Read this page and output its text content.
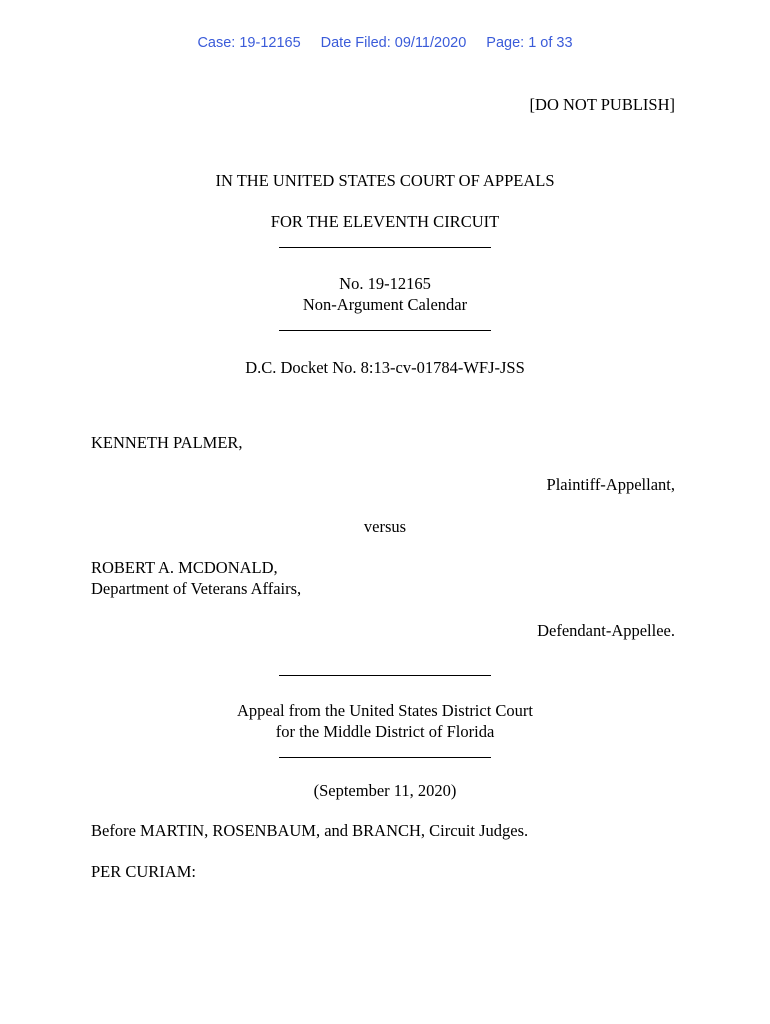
Case: 19-12165 Date Filed: 09/11/2020 Page: 1 of 33
[DO NOT PUBLISH]
IN THE UNITED STATES COURT OF APPEALS
FOR THE ELEVENTH CIRCUIT
No. 19-12165
Non-Argument Calendar
D.C. Docket No. 8:13-cv-01784-WFJ-JSS
KENNETH PALMER,
Plaintiff-Appellant,
versus
ROBERT A. MCDONALD,
Department of Veterans Affairs,
Defendant-Appellee.
Appeal from the United States District Court
for the Middle District of Florida
(September 11, 2020)
Before MARTIN, ROSENBAUM, and BRANCH, Circuit Judges.
PER CURIAM:
